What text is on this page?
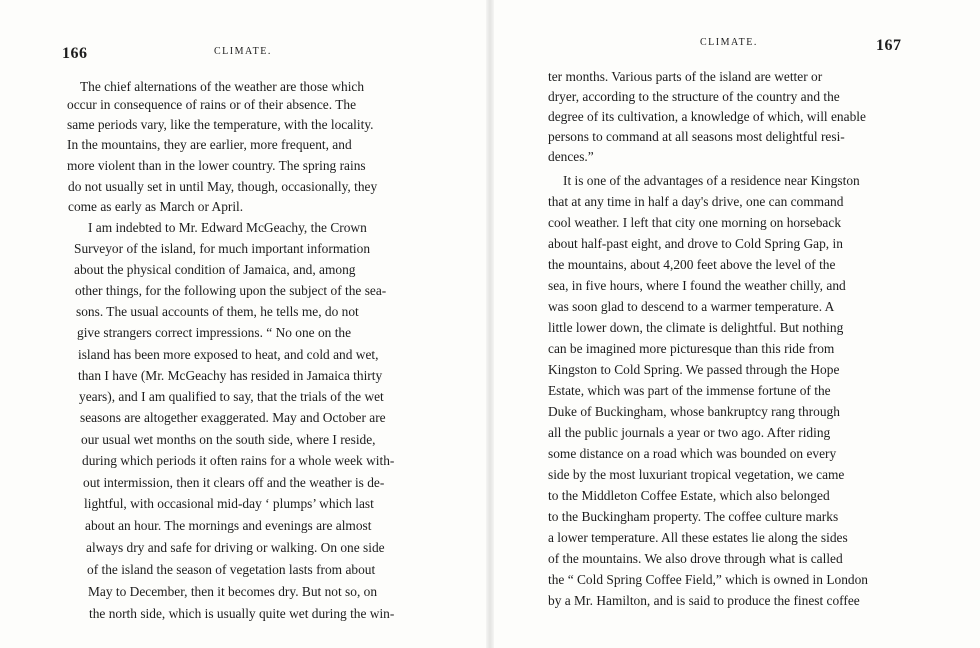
166	CLIMATE.
The chief alternations of the weather are those which
occur in consequence of rains or of their absence. The
same periods vary, like the temperature, with the locality.
In the mountains, they are earlier, more frequent, and
more violent than in the lower country. The spring rains
do not usually set in until May, though, occasionally, they
come as early as March or April.
I am indebted to Mr. Edward McGeachy, the Crown
Surveyor of the island, for much important information
about the physical condition of Jamaica, and, among
other things, for the following upon the subject of the sea-
sons. The usual accounts of them, he tells me, do not
give strangers correct impressions. “ No one on the
island has been more exposed to heat, and cold and wet,
than I have (Mr. McGeachy has resided in Jamaica thirty
years), and I am qualified to say, that the trials of the wet
seasons are altogether exaggerated. May and October are
our usual wet months on the south side, where I reside,
during which periods it often rains for a whole week with-
out intermission, then it clears off and the weather is de-
lightful, with occasional mid-day ‘ plumps’ which last
about an hour. The mornings and evenings are almost
always dry and safe for driving or walking. On one side
of the island the season of vegetation lasts from about
May to December, then it becomes dry. But not so, on
the north side, which is usually quite wet during the win-
CLIMATE.	167
ter months. Various parts of the island are wetter or
dryer, according to the structure of the country and the
degree of its cultivation, a knowledge of which, will enable
persons to command at all seasons most delightful resi-
dences.”
It is one of the advantages of a residence near Kingston
that at any time in half a day's drive, one can command
cool weather. I left that city one morning on horseback
about half-past eight, and drove to Cold Spring Gap, in
the mountains, about 4,200 feet above the level of the
sea, in five hours, where I found the weather chilly, and
was soon glad to descend to a warmer temperature. A
little lower down, the climate is delightful. But nothing
can be imagined more picturesque than this ride from
Kingston to Cold Spring. We passed through the Hope
Estate, which was part of the immense fortune of the
Duke of Buckingham, whose bankruptcy rang through
all the public journals a year or two ago. After riding
some distance on a road which was bounded on every
side by the most luxuriant tropical vegetation, we came
to the Middleton Coffee Estate, which also belonged
to the Buckingham property. The coffee culture marks
a lower temperature. All these estates lie along the sides
of the mountains. We also drove through what is called
the “ Cold Spring Coffee Field,” which is owned in London
by a Mr. Hamilton, and is said to produce the finest coffee
